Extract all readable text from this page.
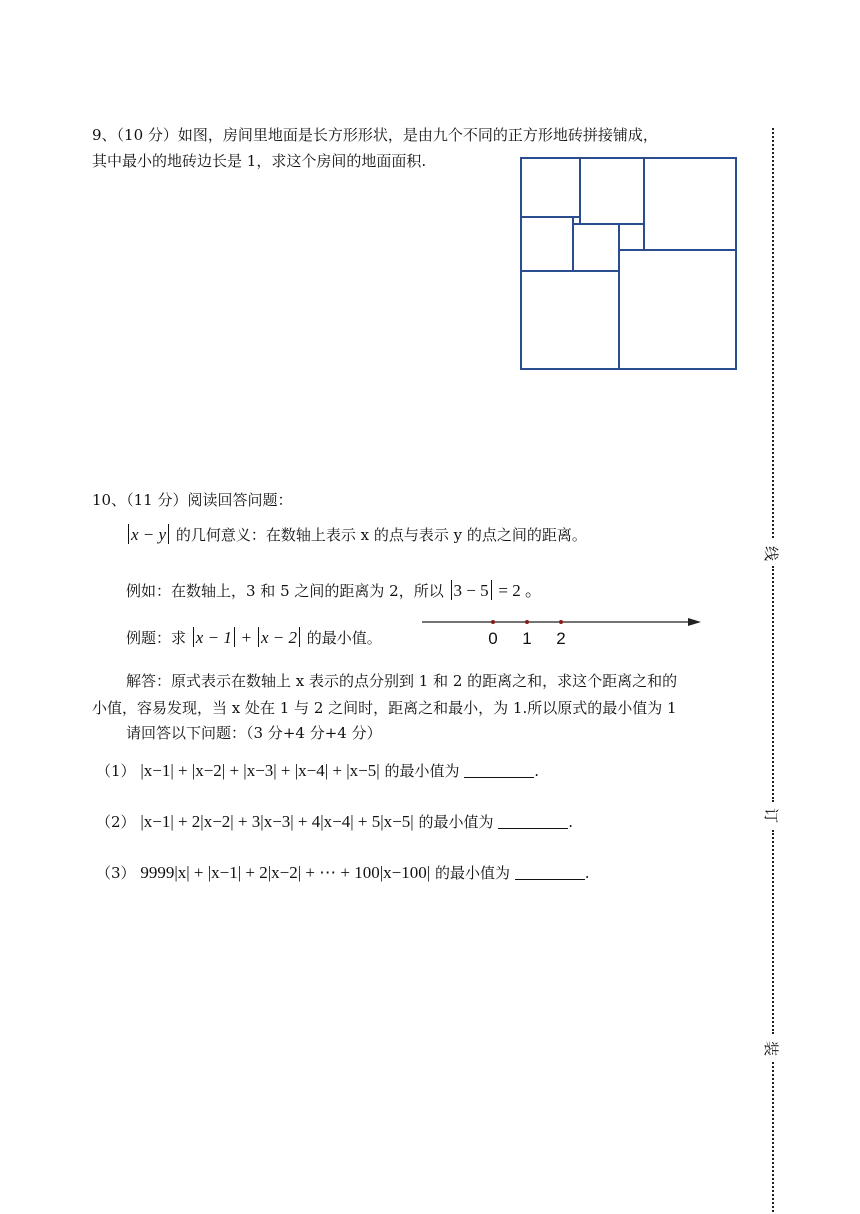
9、（10 分）如图，房间里地面是长方形形状，是由九个不同的正方形地砖拼接铺成，
其中最小的地砖边长是 1，求这个房间的地面面积.
10、（11 分）阅读回答问题：
x − y 的几何意义：在数轴上表示 x 的点与表示 y 的点之间的距离。
例如：在数轴上，3 和 5 之间的距离为 2，所以 3 − 5 = 2 。
例题：求 x − 1 + x − 2 的最小值。	0 1 2
解答：原式表示在数轴上 x 表示的点分别到 1 和 2 的距离之和，求这个距离之和的
小值，容易发现，当 x 处在 1 与 2 之间时，距离之和最小，为 1.所以原式的最小值为 1
请回答以下问题：（3 分+4 分+4 分）
（1） |x−1| + |x−2| + |x−3| + |x−4| + |x−5| 的最小值为	.
（2） |x−1| + 2|x−2| + 3|x−3| + 4|x−4| + 5|x−5| 的最小值为	.
（3） 9999|x| + |x−1| + 2|x−2| + ⋯ + 100|x−100| 的最小值为	.
线
订
装
